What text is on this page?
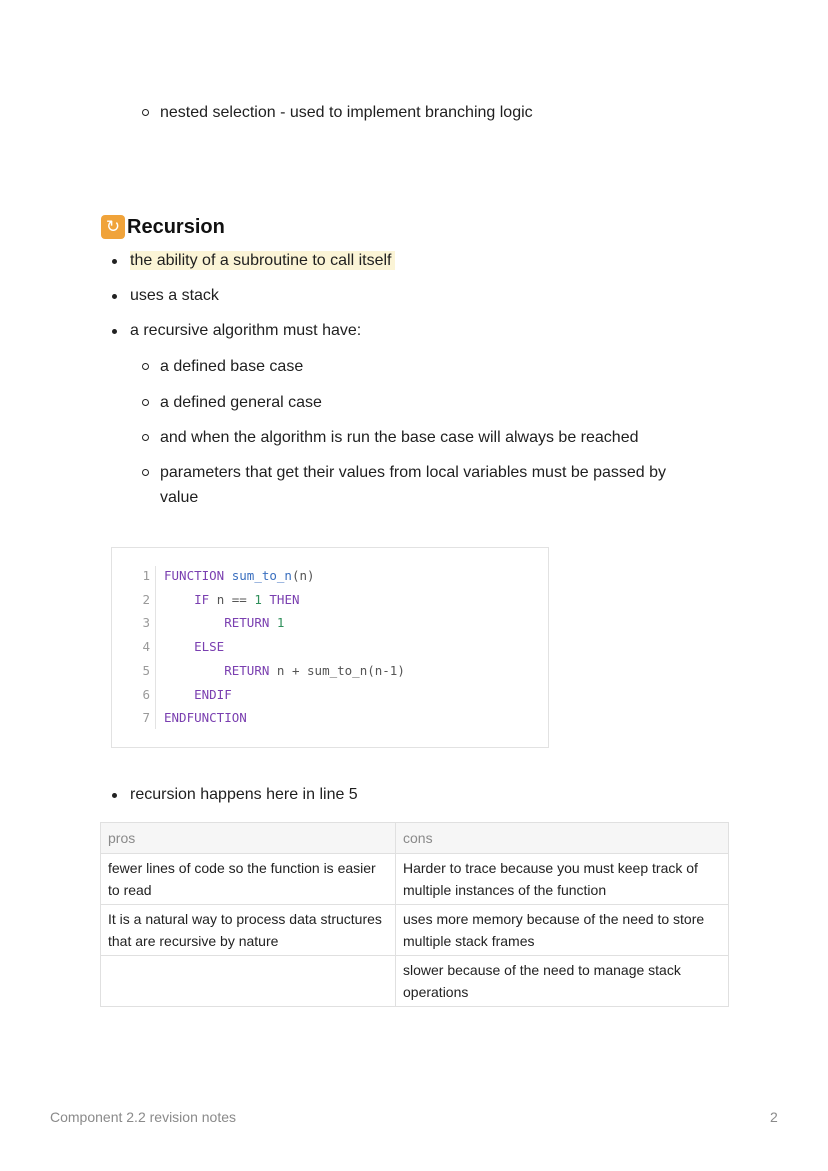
nested selection - used to implement branching logic
↻ Recursion
the ability of a subroutine to call itself
uses a stack
a recursive algorithm must have:
a defined base case
a defined general case
and when the algorithm is run the base case will always be reached
parameters that get their values from local variables must be passed by value
1 FUNCTION sum_to_n(n)
2	IF n == 1 THEN
3	RETURN 1
4	ELSE
5	RETURN n + sum_to_n(n-1)
6	ENDIF
7 ENDFUNCTION
recursion happens here in line 5
pros	cons
fewer lines of code so the function is easier to read	Harder to trace because you must keep track of multiple instances of the function
It is a natural way to process data structures that are recursive by nature	uses more memory because of the need to store multiple stack frames
	slower because of the need to manage stack operations
Component 2.2 revision notes	2
